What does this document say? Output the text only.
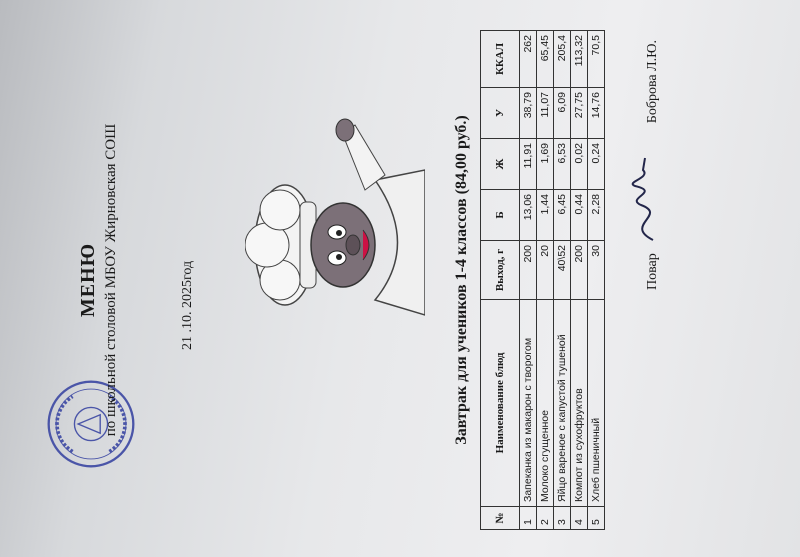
МЕНЮ по школьной столовой МБОУ Жирновская СОШ	21 .10. 2025год	Завтрак для учеников 1-4 классов (84,00 руб.)
№	Наименование блюд	Выход, г	Б	Ж	У	ККАЛ
1	Запеканка из макарон с творогом	200	13,06	11,91	38,79	262
2	Молоко сгущенное	20	1,44	1,69	11,07	65,45
3	Яйцо вареное с капустой тушеной	40\52	6,45	6,53	6,09	205,4
4	Компот из сухофруктов	200	0,44	0,02	27,75	113,32
5	Хлеб пшеничный	30	2,28	0,24	14,76	70,5
Повар
Боброва Л.Ю.
